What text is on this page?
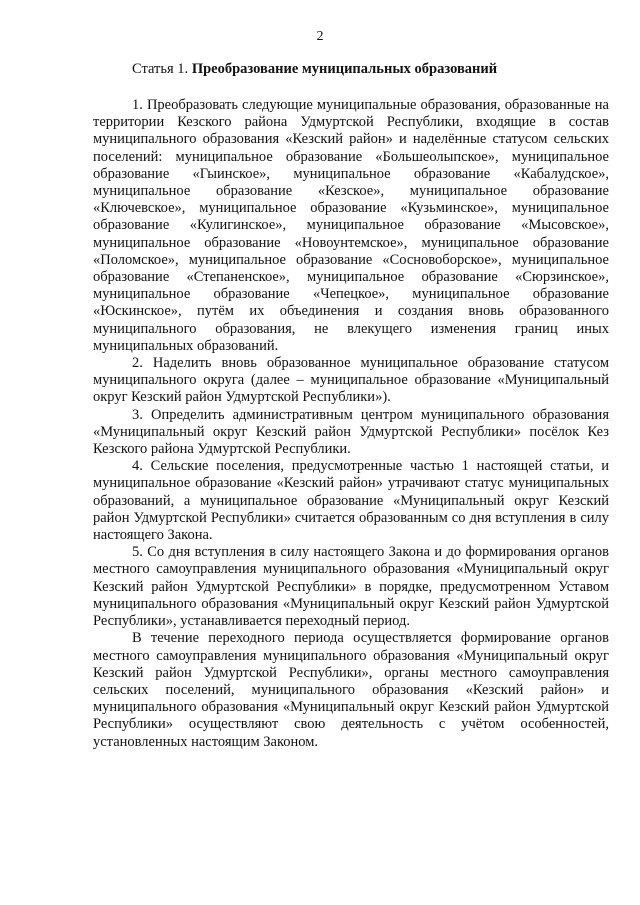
2
Статья 1. Преобразование муниципальных образований

1. Преобразовать следующие муниципальные образования, образованные на территории Кезского района Удмуртской Республики, входящие в состав муниципального образования «Кезский район» и наделённые статусом сельских поселений: муниципальное образование «Большеолыпское», муниципальное образование «Гыинское», муниципальное образование «Кабалудское», муниципальное образование «Кезское», муниципальное образование «Ключевское», муниципальное образование «Кузьминское», муниципальное образование «Кулигинское», муниципальное образование «Мысовское», муниципальное образование «Новоунтемское», муниципальное образование «Поломское», муниципальное образование «Сосновоборское», муниципальное образование «Степаненское», муниципальное образование «Сюрзинское», муниципальное образование «Чепецкое», муниципальное образование «Юскинское», путём их объединения и создания вновь образованного муниципального образования, не влекущего изменения границ иных муниципальных образований.

2. Наделить вновь образованное муниципальное образование статусом муниципального округа (далее – муниципальное образование «Муниципальный округ Кезский район Удмуртской Республики»).

3. Определить административным центром муниципального образования «Муниципальный округ Кезский район Удмуртской Республики» посёлок Кез Кезского района Удмуртской Республики.

4. Сельские поселения, предусмотренные частью 1 настоящей статьи, и муниципальное образование «Кезский район» утрачивают статус муниципальных образований, а муниципальное образование «Муниципальный округ Кезский район Удмуртской Республики» считается образованным со дня вступления в силу настоящего Закона.

5. Со дня вступления в силу настоящего Закона и до формирования органов местного самоуправления муниципального образования «Муниципальный округ Кезский район Удмуртской Республики» в порядке, предусмотренном Уставом муниципального образования «Муниципальный округ Кезский район Удмуртской Республики», устанавливается переходный период.

В течение переходного периода осуществляется формирование органов местного самоуправления муниципального образования «Муниципальный округ Кезский район Удмуртской Республики», органы местного самоуправления сельских поселений, муниципального образования «Кезский район» и муниципального образования «Муниципальный округ Кезский район Удмуртской Республики» осуществляют свою деятельность с учётом особенностей, установленных настоящим Законом.
